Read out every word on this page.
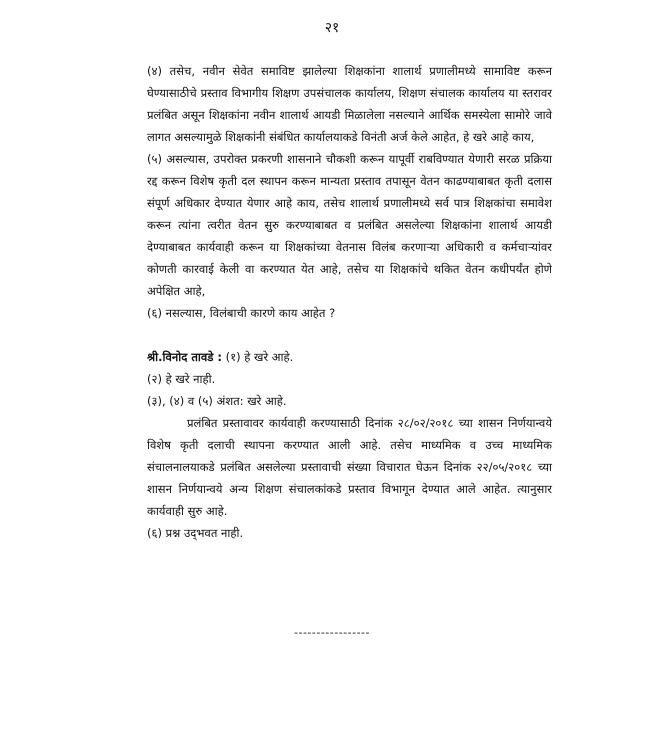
२१

(४) तसेच, नवीन सेवेत समाविष्ट झालेल्या शिक्षकांना शालार्थ प्रणालीमध्ये सामाविष्ट करून घेण्यासाठीचे प्रस्ताव विभागीय शिक्षण उपसंचालक कार्यालय, शिक्षण संचालक कार्यालय या स्तरावर प्रलंबित असून शिक्षकांना नवीन शालार्थ आयडी मिळालेला नसल्याने आर्थिक समस्येला सामोरे जावे लागत असल्यामुळे शिक्षकांनी संबंधित कार्यालयाकडे विनंती अर्ज केले आहेत, हे खरे आहे काय,

(५) असल्यास, उपरोक्त प्रकरणी शासनाने चौकशी करून यापूर्वी राबविण्यात येणारी सरळ प्रक्रिया रद्द करून विशेष कृती दल स्थापन करून मान्यता प्रस्ताव तपासून वेतन काढण्याबाबत कृती दलास संपूर्ण अधिकार देण्यात येणार आहे काय, तसेच शालार्थ प्रणालीमध्ये सर्व पात्र शिक्षकांचा समावेश करून त्यांना त्वरीत वेतन सुरु करण्याबाबत व प्रलंबित असलेल्या शिक्षकांना शालार्थ आयडी देण्याबाबत कार्यवाही करून या शिक्षकांच्या वेतनास विलंब करणाऱ्या अधिकारी व कर्मचाऱ्यांवर कोणती कारवाई केली वा करण्यात येत आहे, तसेच या शिक्षकांचे थकित वेतन कधीपर्यंत होणे अपेक्षित आहे,

(६) नसल्यास, विलंबाची कारणे काय आहेत ?

श्री.विनोद तावडे : (१) हे खरे आहे.

(२) हे खरे नाही.

(३), (४) व (५) अंशत: खरे आहे.

प्रलंबित प्रस्तावावर कार्यवाही करण्यासाठी दिनांक २८/०२/२०१८ च्या शासन निर्णयान्वये विशेष कृती दलाची स्थापना करण्यात आली आहे. तसेच माध्यमिक व उच्च माध्यमिक संचालनालयाकडे प्रलंबित असलेल्या प्रस्तावाची संख्या विचारात घेऊन दिनांक २२/०५/२०१८ च्या शासन निर्णयान्वये अन्य शिक्षण संचालकांकडे प्रस्ताव विभागून देण्यात आले आहेत. त्यानुसार कार्यवाही सुरु आहे.

(६) प्रश्न उद्‍भवत नाही.

-----------------
